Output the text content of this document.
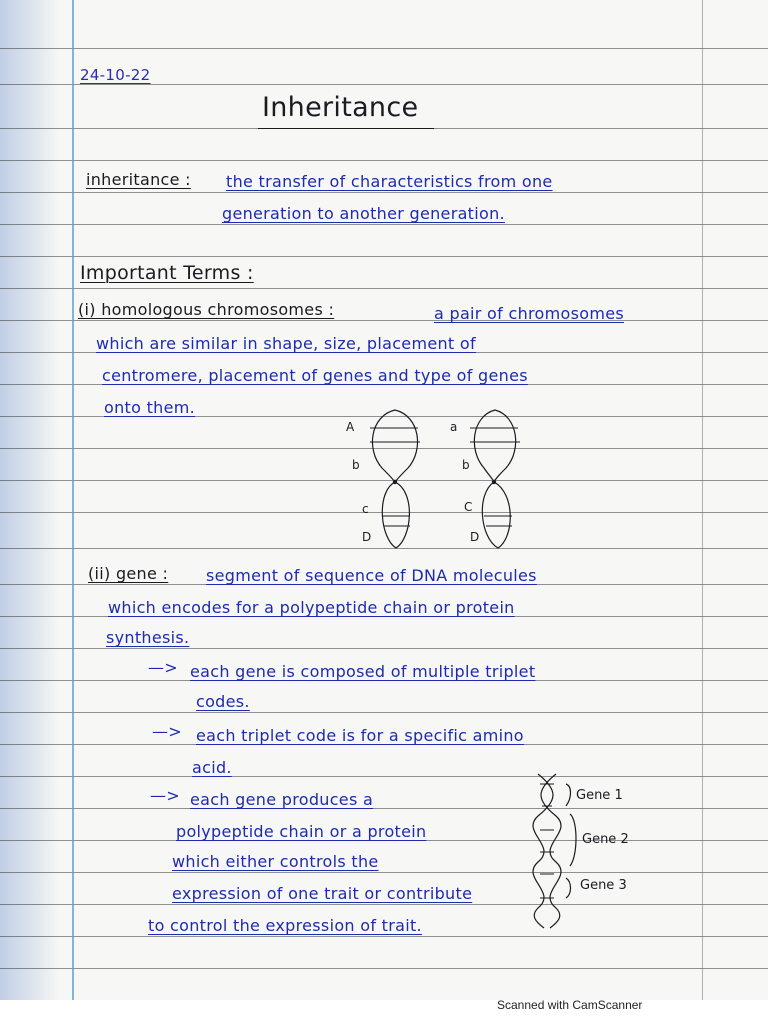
24-10-22
Inheritance
inheritance : the transfer of characteristics from one
generation to another generation.
Important Terms :
(i) homologous chromosomes :	a pair of chromosomes
which are similar in shape, size, placement of
centromere, placement of genes and type of genes
onto them.
A
b
c
D
a
b
C
D
(ii) gene : segment of sequence of DNA molecules
which encodes for a polypeptide chain or protein
synthesis.
—> each gene is composed of multiple triplet
codes.
—> each triplet code is for a specific amino
acid.
—> each gene produces a
polypeptide chain or a protein
which either controls the
expression of one trait or contribute
to control the expression of trait.
Gene 1
Gene 2
Gene 3
Scanned with CamScanner
